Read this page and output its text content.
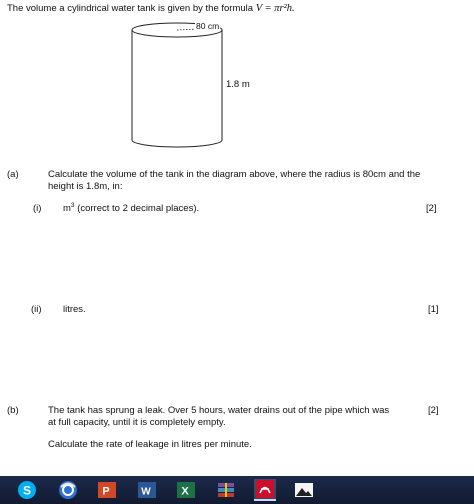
The volume a cylindrical water tank is given by the formula V = πr²h.
80 cm
1.8 m
(a)	Calculate the volume of the tank in the diagram above, where the radius is 80cm and the
height is 1.8m, in:
(i) $m^3$ (correct to 2 decimal places).	[2]
(ii) litres.	[1]
(b)	The tank has sprung a leak. Over 5 hours, water drains out of the pipe which was
at full capacity, until it is completely empty.
[2]
Calculate the rate of leakage in litres per minute.
S	P	W	X
